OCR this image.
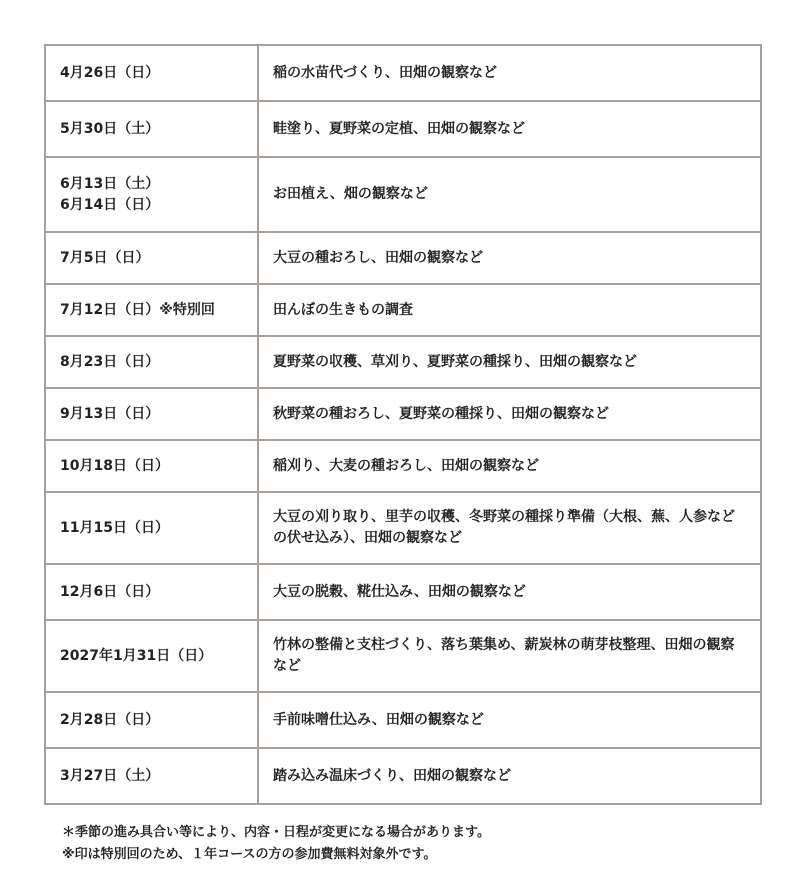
4月26日（日）	稲の水苗代づくり、田畑の観察など

5月30日（土）	畦塗り、夏野菜の定植、田畑の観察など

6月13日（土）
6月14日（日）	お田植え、畑の観察など

7月5日（日）	大豆の種おろし、田畑の観察など

7月12日（日）※特別回	田んぼの生きもの調査

8月23日（日）	夏野菜の収穫、草刈り、夏野菜の種採り、田畑の観察など

9月13日（日）	秋野菜の種おろし、夏野菜の種採り、田畑の観察など

10月18日（日）	稲刈り、大麦の種おろし、田畑の観察など

11月15日（日）	大豆の刈り取り、里芋の収穫、冬野菜の種採り準備（大根、蕪、人参などの伏せ込み）、田畑の観察など

12月6日（日）	大豆の脱穀、糀仕込み、田畑の観察など

2027年1月31日（日）	竹林の整備と支柱づくり、落ち葉集め、薪炭林の萌芽枝整理、田畑の観察など

2月28日（日）	手前味噌仕込み、田畑の観察など

3月27日（土）	踏み込み温床づくり、田畑の観察など
＊季節の進み具合い等により、内容・日程が変更になる場合があります。
※印は特別回のため、１年コースの方の参加費無料対象外です。
